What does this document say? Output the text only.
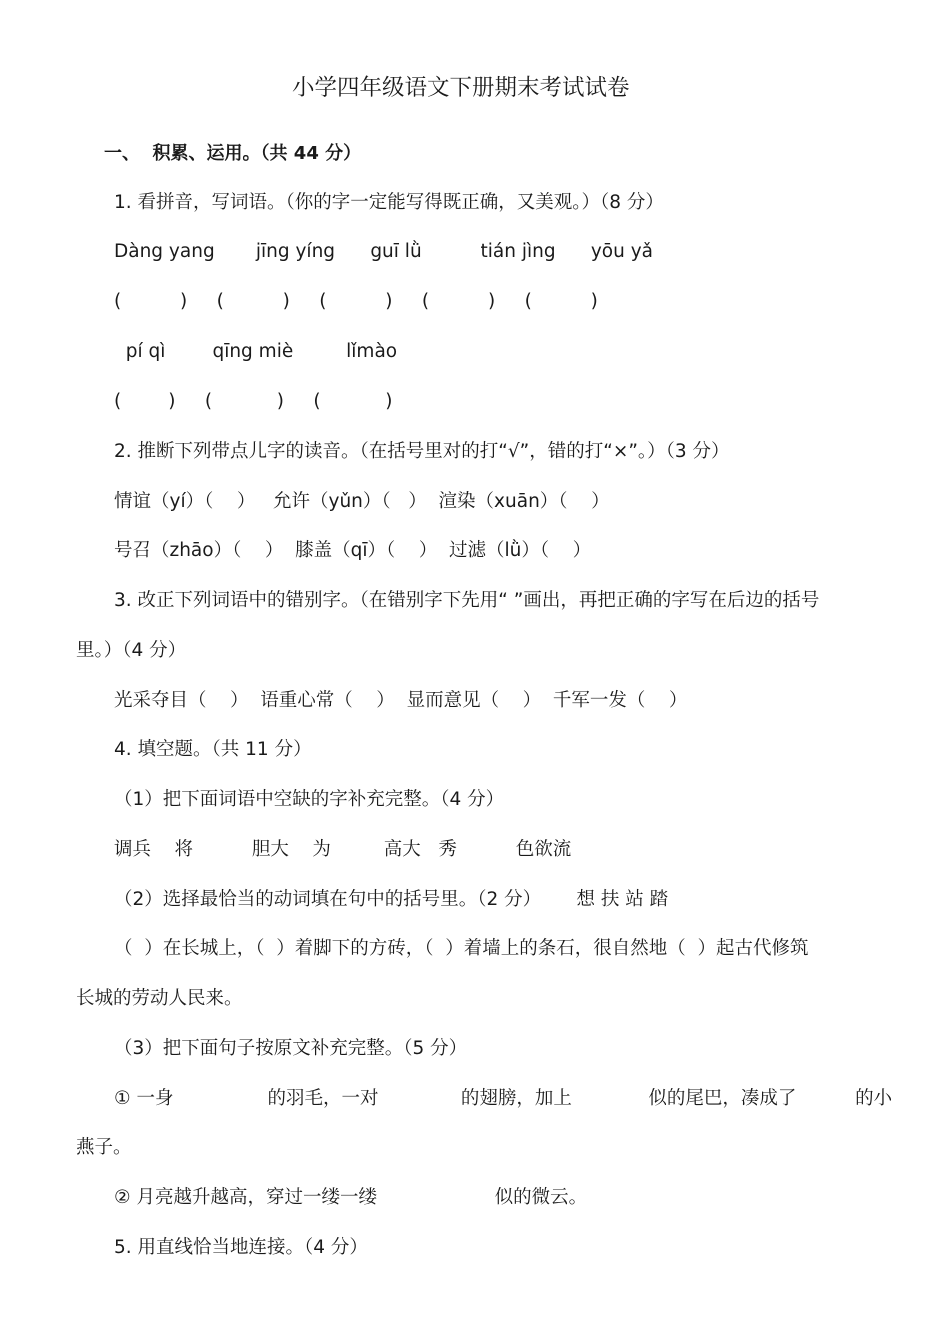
小学四年级语文下册期末考试试卷
一、  积累、运用。（共 44 分）
1. 看拼音，写词语。（你的字一定能写得既正确，又美观。）（8 分）
Dàng yang       jīng yíng      guī lǜ          tián jìng      yōu yǎ
(          )     (          )     (          )     (          )     (          )
pí qì        qīng miè         lǐmào
(        )     (           )     (           )
2. 推断下列带点儿字的读音。（在括号里对的打“√”，错的打“×”。）（3 分）
情谊（yí）（    ）   允许（yǔn）（   ）  渲染（xuān）（    ）
号召（zhāo）（    ）  膝盖（qī）（    ）  过滤（lǜ）（    ）
3. 改正下列词语中的错别字。（在错别字下先用“ ”画出，再把正确的字写在后边的括号
里。）（4 分）
光采夺目（    ）  语重心常（    ）  显而意见（    ）  千军一发（    ）
4. 填空题。（共 11 分）
（1）把下面词语中空缺的字补充完整。（4 分）
调兵    将          胆大    为         高大   秀          色欲流
（2）选择最恰当的动词填在句中的括号里。（2 分）      想 扶 站 踏
（  ）在长城上，（  ）着脚下的方砖，（  ）着墙上的条石，很自然地（  ）起古代修筑
长城的劳动人民来。
（3）把下面句子按原文补充完整。（5 分）
① 一身                的羽毛，一对              的翅膀，加上             似的尾巴，凑成了          的小
燕子。
② 月亮越升越高，穿过一缕一缕                    似的微云。
5. 用直线恰当地连接。（4 分）
